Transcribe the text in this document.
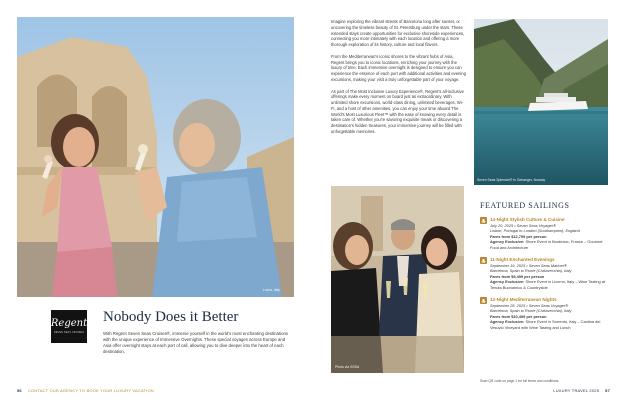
Lucca, Italy
Regent
SEVEN SEAS CRUISES
Nobody Does it Better
With Regent Seven Seas Cruises®, immerse yourself in the world's most enchanting destinations with the unique experience of Immersive Overnights. These special voyages across Europe and Asia offer overnight stays at each port of call, allowing you to dive deeper into the heart of each destination.

Imagine exploring the vibrant streets of Barcelona long after sunset, or uncovering the timeless beauty of St. Petersburg under the stars. These extended stays create opportunities for exclusive shoreside experiences, connecting you more intimately with each location and offering a more thorough exploration of its history, culture and local flavors.

From the Mediterranean's iconic shores to the vibrant hubs of Asia, Regent brings you to iconic locations, enriching your journey with the luxury of time. Each immersive overnight is designed to ensure you can experience the essence of each port with additional activities and evening excursions, making your visit a truly unforgettable part of your voyage.

As part of The Most Inclusive Luxury Experience®, Regent's all-inclusive offerings make every moment on board just as extraordinary. With unlimited shore excursions, world-class dining, unlimited beverages, Wi-Fi, and a host of other amenities, you can enjoy your time aboard The World's Most Luxurious Fleet™ with the ease of knowing every detail is taken care of. Whether you're savoring exquisite meals or discovering a destination's hidden treasures, your immersive journey will be filled with unforgettable memories.

Seven Seas Splendor® in Geiranger, Norway
Photo via SSSA
FEATURED SAILINGS
14-Night Stylish Culture & Cuisine
July 20, 2025 • Seven Seas Voyager®
Lisbon, Portugal to London (Southampton), England
Fares from $12,799 per person
Agency Exclusive: Shore Event in Bordeaux, France – Gourmet Food and Architecture
11-Night Enchanted Evenings
September 19, 2025 • Seven Seas Mariner®
Barcelona, Spain to Rome (Civitavecchia), Italy
Fares from $9,499 per person
Agency Exclusive: Shore Event in Livorno, Italy – Wine Tasting at Tenuta Buonamico & Countryside
12-Night Mediterranean Nights
September 28, 2025 • Seven Seas Voyager®
Barcelona, Spain to Rome (Civitavecchia), Italy
Fares from $10,499 per person
Agency Exclusive: Shore Event in Sorrento, Italy – Cantina del Vesuvio Vineyard with Wine Tasting and Lunch
Scan QR code on page 1 for full terms and conditions.
56 CONTACT OUR AGENCY TO BOOK YOUR LUXURY VACATION	LUXURY TRAVEL 2025 57
